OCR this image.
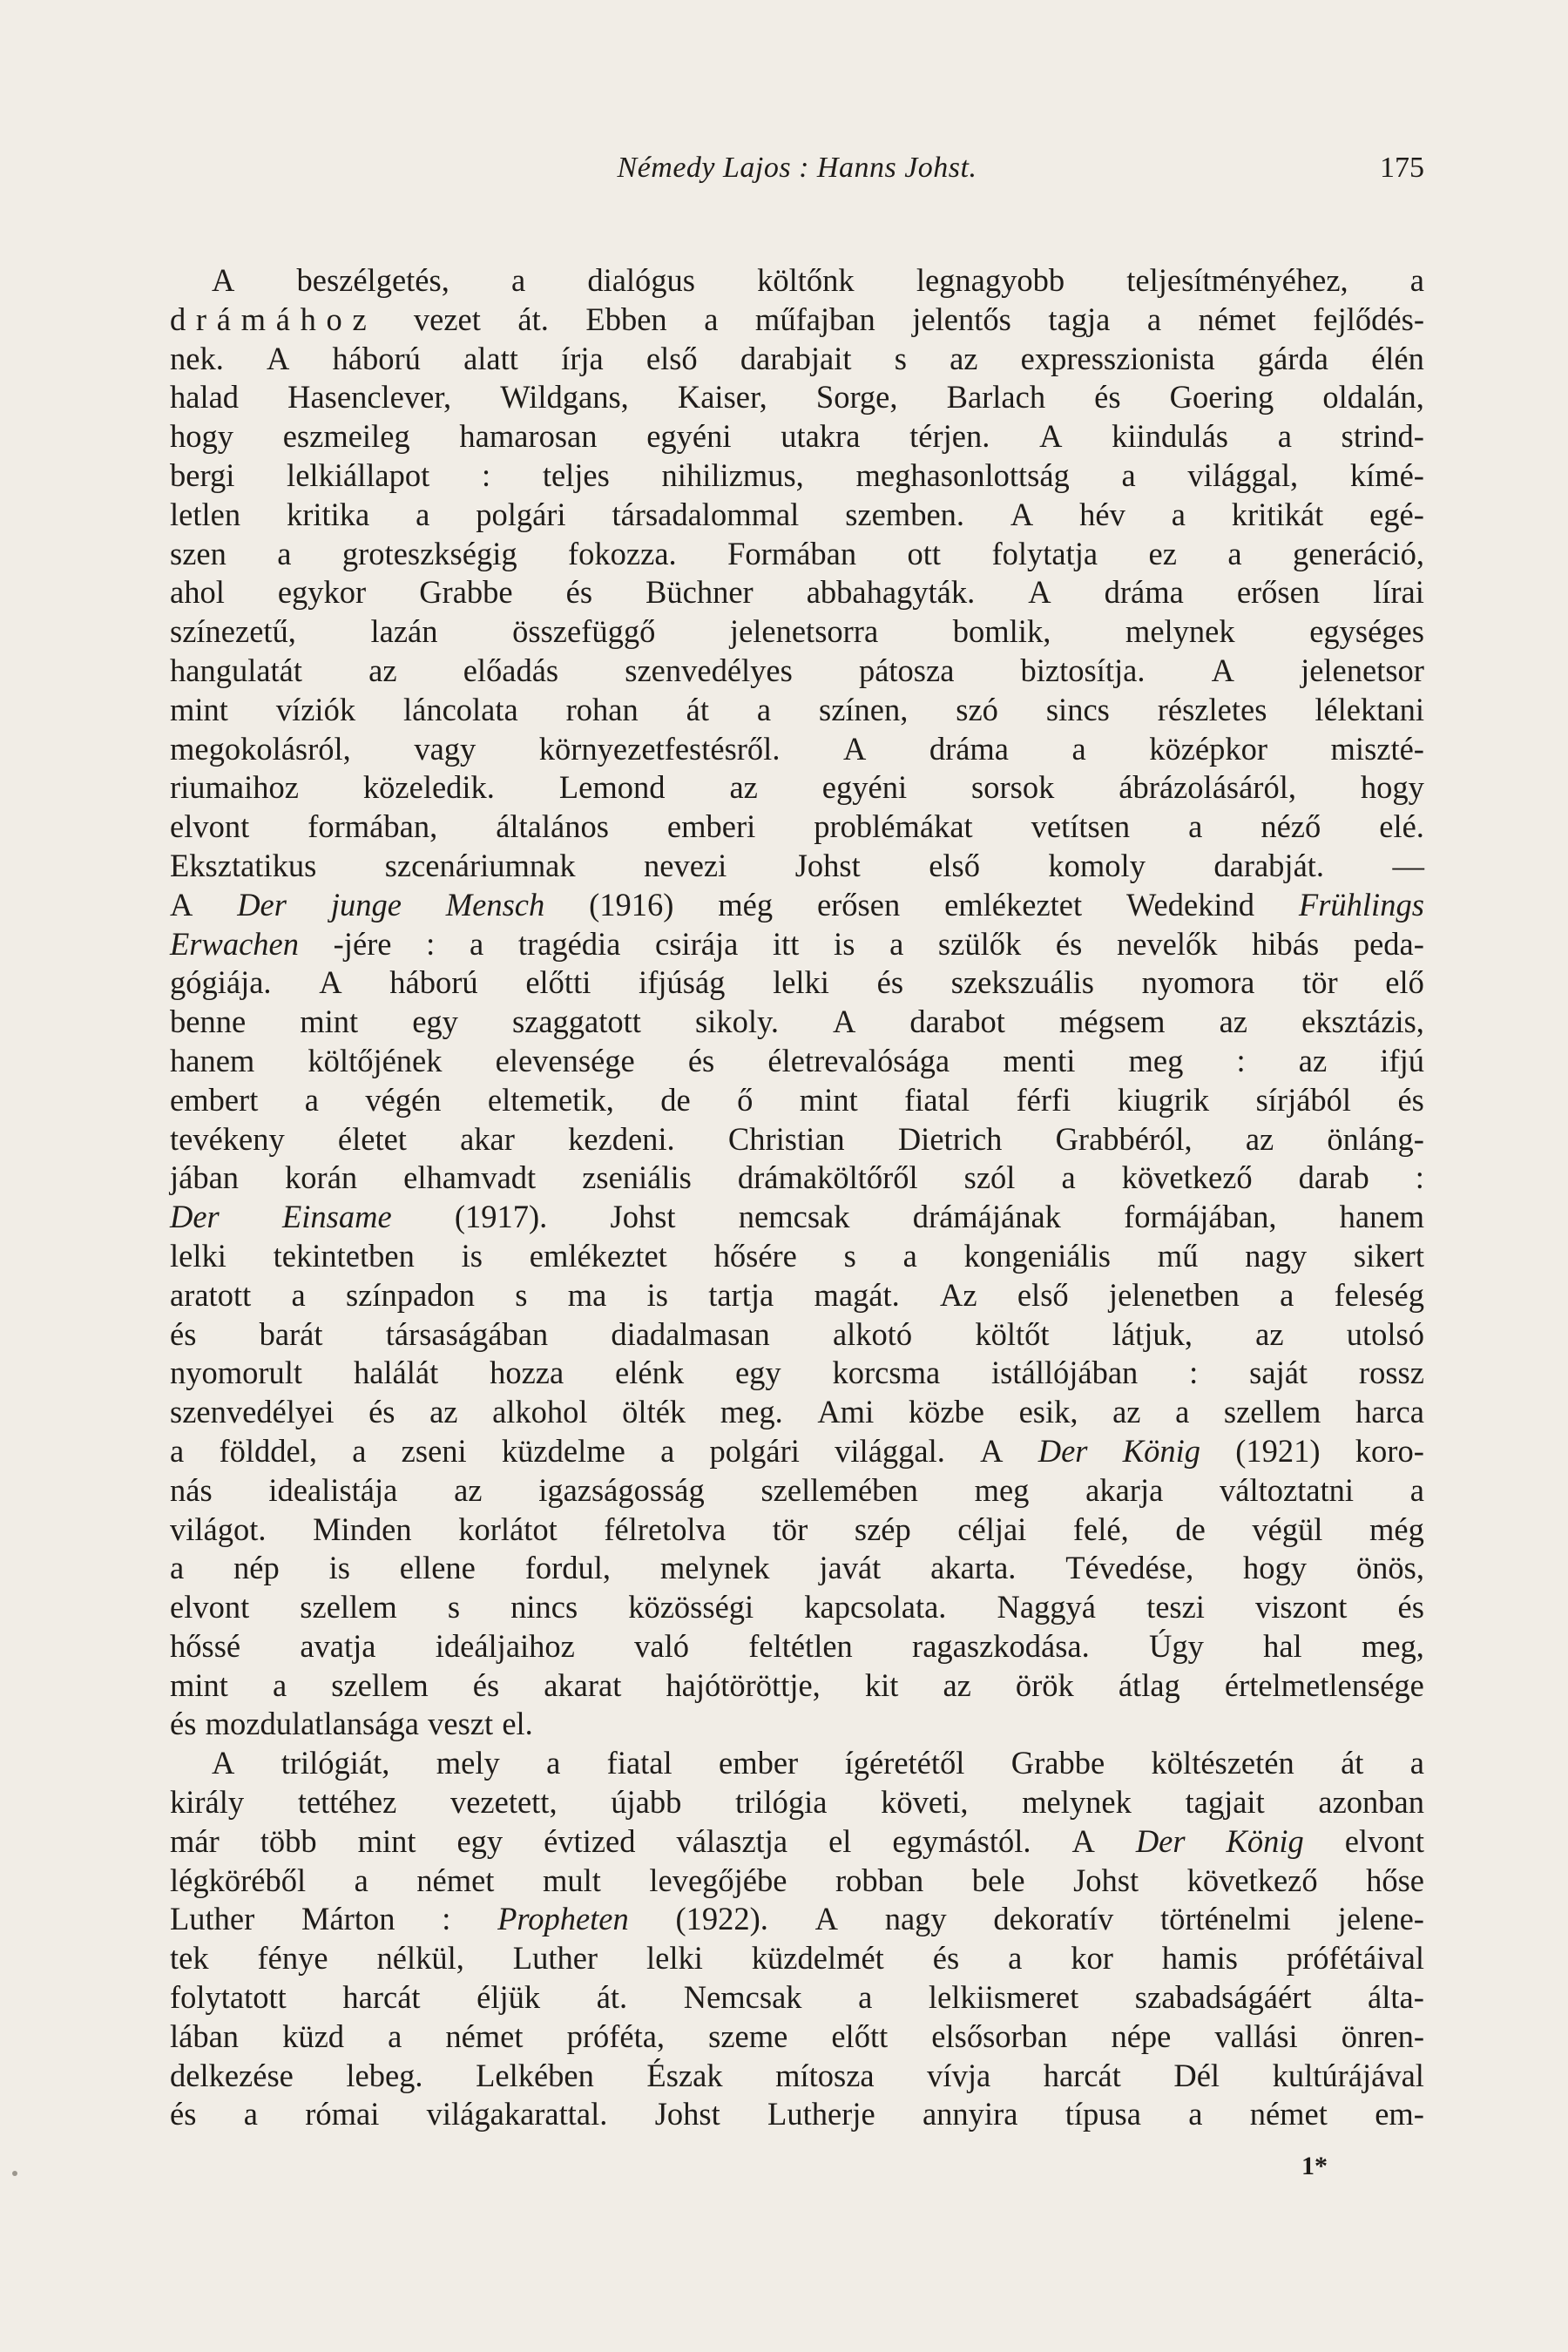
Némedy Lajos : Hanns Johst.	175
A beszélgetés, a dialógus költőnk legnagyobb teljesítményéhez, a
drámához vezet át. Ebben a műfajban jelentős tagja a német fejlődés-
nek. A háború alatt írja első darabjait s az expresszionista gárda élén
halad Hasenclever, Wildgans, Kaiser, Sorge, Barlach és Goering oldalán,
hogy eszmeileg hamarosan egyéni utakra térjen. A kiindulás a strind-
bergi lelkiállapot : teljes nihilizmus, meghasonlottság a világgal, kímé-
letlen kritika a polgári társadalommal szemben. A hév a kritikát egé-
szen a groteszkségig fokozza. Formában ott folytatja ez a generáció,
ahol egykor Grabbe és Büchner abbahagyták. A dráma erősen lírai
színezetű, lazán összefüggő jelenetsorra bomlik, melynek egységes
hangulatát az előadás szenvedélyes pátosza biztosítja. A jelenetsor
mint víziók láncolata rohan át a színen, szó sincs részletes lélektani
megokolásról, vagy környezetfestésről. A dráma a középkor miszté-
riumaihoz közeledik. Lemond az egyéni sorsok ábrázolásáról, hogy
elvont formában, általános emberi problémákat vetítsen a néző elé.
Eksztatikus szcenáriumnak nevezi Johst első komoly darabját. —
A Der junge Mensch (1916) még erősen emlékeztet Wedekind Frühlings
Erwachen -jére : a tragédia csirája itt is a szülők és nevelők hibás peda-
gógiája. A háború előtti ifjúság lelki és szekszuális nyomora tör elő
benne mint egy szaggatott sikoly. A darabot mégsem az eksztázis,
hanem költőjének elevensége és életrevalósága menti meg : az ifjú
embert a végén eltemetik, de ő mint fiatal férfi kiugrik sírjából és
tevékeny életet akar kezdeni. Christian Dietrich Grabbéról, az önláng-
jában korán elhamvadt zseniális drámaköltőről szól a következő darab :
Der Einsame (1917). Johst nemcsak drámájának formájában, hanem
lelki tekintetben is emlékeztet hősére s a kongeniális mű nagy sikert
aratott a színpadon s ma is tartja magát. Az első jelenetben a feleség
és barát társaságában diadalmasan alkotó költőt látjuk, az utolsó
nyomorult halálát hozza elénk egy korcsma istállójában : saját rossz
szenvedélyei és az alkohol ölték meg. Ami közbe esik, az a szellem harca
a földdel, a zseni küzdelme a polgári világgal. A Der König (1921) koro-
nás idealistája az igazságosság szellemében meg akarja változtatni a
világot. Minden korlátot félretolva tör szép céljai felé, de végül még
a nép is ellene fordul, melynek javát akarta. Tévedése, hogy önös,
elvont szellem s nincs közösségi kapcsolata. Naggyá teszi viszont és
hőssé avatja ideáljaihoz való feltétlen ragaszkodása. Úgy hal meg,
mint a szellem és akarat hajótöröttje, kit az örök átlag értelmetlensége
és mozdulatlansága veszt el.
A trilógiát, mely a fiatal ember ígéretétől Grabbe költészetén át a
király tettéhez vezetett, újabb trilógia követi, melynek tagjait azonban
már több mint egy évtized választja el egymástól. A Der König elvont
légköréből a német mult levegőjébe robban bele Johst következő hőse
Luther Márton : Propheten (1922). A nagy dekoratív történelmi jelene-
tek fénye nélkül, Luther lelki küzdelmét és a kor hamis prófétáival
folytatott harcát éljük át. Nemcsak a lelkiismeret szabadságáért álta-
lában küzd a német próféta, szeme előtt elsősorban népe vallási önren-
delkezése lebeg. Lelkében Észak mítosza vívja harcát Dél kultúrájával
és a római világakarattal. Johst Lutherje annyira típusa a német em-
1*
